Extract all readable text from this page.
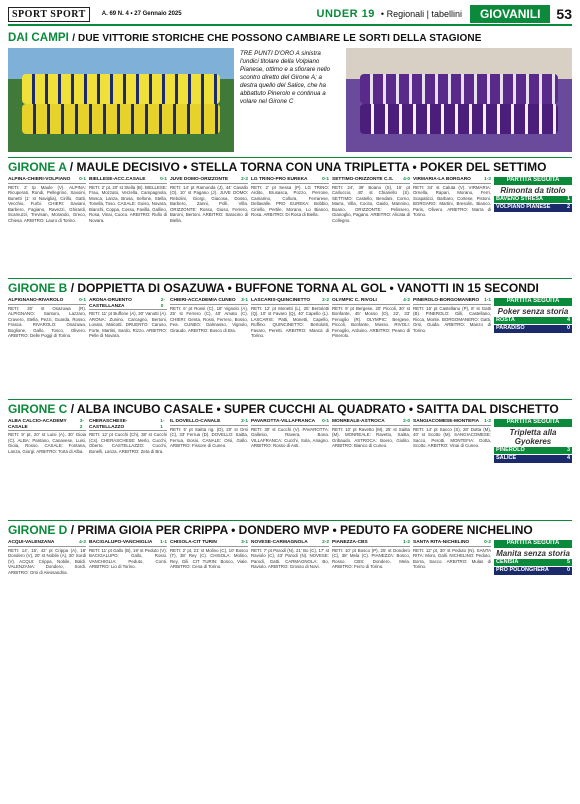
SPORT SPORT	A. 69 N. 4 • 27 Gennaio 2025	UNDER 19 • Regionali | tabellini	GIOVANILI	53
DAI CAMPI / DUE VITTORIE STORICHE CHE POSSONO CAMBIARE LE SORTI DELLA STAGIONE
TRE PUNTI D'ORO A sinistra l'undici titolare della Volpiano Pianese, ottimo e a sfiorare nello scontro diretto del Girone A; a destra quello del Salice, che ha abbattuto Pinerolo e continua a volare nel Girone C
GIRONE A / MAULE DECISIVO • STELLA TORNA CON UNA TRIPLETTA • POKER DEL SETTIMO
ALPINA-CHIERI-VOLPIANO 0-1

RETI: 2' tp Maule (V). ALPINA: Ricuperati, Rondi, Pellegrino, Savoini, Bunetti (1' st Naviglia), Cirillo, Gatti, Vecchio, Furbi. CHIERI: Saviani, Barbero, Fagiano, Ravezzi, Ghirardi, Scamuzzi, Trevisan, Morando, Greco, Chiesa. ARBITRO: Lauro di Torino.

BIELLESE-ACC.CASALE	0-1

RETI: 2' pt, 20' st Stella (B). BIELLESE: Frau, Mozzato, Verzella, Campagnola, Mosca, Lanza, Brusa, Sellone, Stella, Tonella, Toso. CASALE: Guiso, Novara, Bianchi, Coppa, Cossu, Favilla, Gallino, Rosa, Vinai, Cuoco. ARBITRO: Rullo di Novara.

JUVE DOMO-ORIZZONTE	2-2

RETI: 14' pt Ramonda (J), 44' Cavallo (O), 10' st Pagano (J). JUVE DOMO: Rebolini, Giorgi, Giacosa, Dosso, Barbero, Zanni, Polli, Villa. ORIZZONTE: Rosso, Giuso, Ferrero, Baroni, Bertoni. ARBITRO: Saracino di Biella.

LG TRINO-PRO EUREKA	0-1

RETI: 2' pt Sessa (P). LG TRINO: Ardito, Brusasca, Pozzo, Perrone, Camarino, Collura, Ferrarese, Dellavalle. PRO EUREKA: Bobbio, Ciriello, Pertile, Morano, Lo Bianco, Rosa. ARBITRO: Di Rosa di Biella.

SETTIMO-ORIZZONTE C.S. 4-0

RETI: 24', 39' Boano (S), 15' pt Carluccio, 40' st Chiariello (S). SETTIMO: Castello, Bendani, Corno, Marra, Villa, Cocito, Gaido, Mannino, Boano. ORIZZONTE: Pelissero, Gianoglio, Pagano. ARBITRO: Alicata di Collegno.

VIRMARIA-LA BORGARO	1-2

RETI: 34' st Caluta (V). VIRMARIA: Ornella, Rapari, Morano, Ferri, Scapaticci, Barbaro, Cortese, Pistoni. BORGARO: Martini, Bresolin, Bianco, Paris, Olivero. ARBITRO: Marra di Torino.

PARTITA SEGUITA
Rimonta da titolo
BAVENO STRESA	1
VOLPIANO PIANESE	2
GIRONE B / DOPPIETTA DI OSAZUWA • BUFFONE TORNA AL GOL • VANOTTI IN 15 SECONDI
ALPIGNANO-RIVAROLO	0-1

RETI: 20' st Osazuwa (R). ALPIGNANO: Santoro, Lazzaro, Cravero, Stella, Pezzi, Guarda, Rosso, Frasca. RIVAROLO: Osazuwa, Boglione, Gallo, Tosco, Olivero. ARBITRO: Delle Poggi di Torino.

ARONA-DRUENTO CASTELLANZA
2-0

RETI: 11' pt Buffone (A), 30' Vanotti (A). ARONA: Zunino, Carcagno, Bertoni, Lovato, Malcotti. DRUENTO: Caruso, Forte, Martini, Sardo, Rizzo. ARBITRO: Pelle di Novara.

CHIERI-ACCADEMIA CUNEO 3-1

RETI: 6' pt Rossi (C), 18' Vignolo (A), 25' st Ferrero (C), 40' Amato (C). CHIERI: Genta, Rossi, Ferrero, Bosso, Fea. CUNEO: Dalmasso, Vignolo, Giraudo. ARBITRO: Bosco di Bra.

LASCARIS-QUINCINETTO 2-2

RETI: 12' pt Monetti (L), 25' Bertolotti (Q), 10' st Favaro (Q), 40' Capello (L). LASCARIS: Patti, Monetti, Capello, Ruffino. QUINCINETTO: Bertolotti, Favaro, Peretti. ARBITRO: Manca di Torino.

OLYMPIC C. RIVOLI	4-2

RETI: 9' pt Bergese, 20' Piccoli, 30' st Bonfante, 45' Mosso (O), 22', 33' Fenoglio (R). OLYMPIC: Bergese, Piccoli, Bonfante, Mosso. RIVOLI: Fenoglio, Arduino. ARBITRO: Peano di Pinerolo.

PINEROLO-BORGOMANERO 1-1

RETI: 15' pt Castellano (P), 8' st Gatti (B). PINEROLO: Gilli, Castellano, Ricca, Monte. BORGOMANERO: Gatti, Orsi, Guida. ARBITRO: Manzo di Torino.

PARTITA SEGUITA
Poker senza storia
ROSTA	4
PARADISO	0
GIRONE C / ALBA INCUBO CASALE • SUPER CUCCHI AL QUADRATO • SAITTA DAL DISCHETTO
ALBA CALCIO-ACADEMY CASALE
3-2

RETI: 9' pt, 20' st Luisi (A), 30' Gioia (C). ALBA: Pantano, Canavese, Luisi, Gioia, Rosso. CASALE: Fontana, Lanza, Giorgi. ARBITRO: Torta di Alba.

CHERASCHESE-CASTELLAZZO
1-1

RETI: 12' pt Cucchi (Ch), 38' st Cucchi (Cs). CHERASCHESE: Merlo, Cucchi, Oberto. CASTELLAZZO: Cucchi, Bonelli, Lanza. ARBITRO: Zeta di Bra.

IL DOVELLO-CANALE	2-1

RETI: 5' pt Saitta rig. (D), 20' st Orsi (C), 33' Ferrua (D). DOVELLO: Saitta, Ferrua, Bosio. CANALE: Orsi, Gallo. ARBITRO: Fissore di Cuneo.

PAVAROTTA-VILLAFRANCA 0-1

RETI: 30' st Cucchi (V). PAVAROTTA: Gallesio, Ravera, Bona. VILLAFRANCA: Cucchi, Sola, Ariagno. ARBITRO: Rosso di Asti.

MONREALE-ASTROCA	2-0

RETI: 10' pt Ravetto (M), 25' st Saitta (M). MONREALE: Ravetto, Saitta, Gribaudo. ASTROCA: Boero, Giolito. ARBITRO: Bianco di Cuneo.

SANGIACOMESE-MONTEFIA 1-2

RETI: 14' pt Sacco (S), 28' Dotta (M), 40' st Scotto (M). SANGIACOMESE: Sacco, Perotti. MONTEFIA: Dotta, Scotto. ARBITRO: Vinai di Cuneo.

PARTITA SEGUITA
Tripletta alla Gyokeres
PINEROLO	3
SALICE	4
GIRONE D / PRIMA GIOIA PER CRIPPA • DONDERO MVP • PEDUTO FA GODERE NICHELINO
ACQUI-VALENZANA	4-2

RETI: 14', 16', 42' pt Crippa (A), 18' Dondero (V), 20' st Nobile (A), 30' Sordi (V). ACQUI: Crippa, Nobile, Baldi. VALENZANA: Dondero, Sordi. ARBITRO: Orsi di Alessandria.

BACIGALUPO-VANCHIGLIA 1-1

RETI: 11' pt Gallo (B), 19' st Peduto (V). BACIGALUPO: Gallo, Rossi. VANCHIGLIA: Peduto, Conti. ARBITRO: Lio di Torino.

CHISOLA-CIT TURIN	3-1

RETI: 2' pt, 21' st Molino (C), 10' Bosco (T), 38' Rey (C). CHISOLA: Molino, Rey, Gili. CIT TURIN: Bosco, Viale. ARBITRO: Cena di Torino.

NOVESE-CARMAGNOLA	2-2

RETI: 7' pt Parodi (N), 21' Bo (C), 17' st Raviolo (C), 43' Parodi (N). NOVESE: Parodi, Gatti. CARMAGNOLA: Bo, Raviolo. ARBITRO: Grosso di Novi.

PIANEZZA-CBS	1-2

RETI: 10' pt Bosco (P), 25' st Dondero (C), 38' Mela (C). PIANEZZA: Bosco, Rosso. CBS: Dondero, Mela. ARBITRO: Ferro di Torino.

SANTA RITA-NICHELINO	0-2

RETI: 12' pt, 30' st Peduto (N). SANTA RITA: Moro, Galli. NICHELINO: Peduto, Borra, Sacco. ARBITRO: Mulas di Torino.

PARTITA SEGUITA
Manita senza storia
CENISIA	5
PRO POLONGHERA	0
